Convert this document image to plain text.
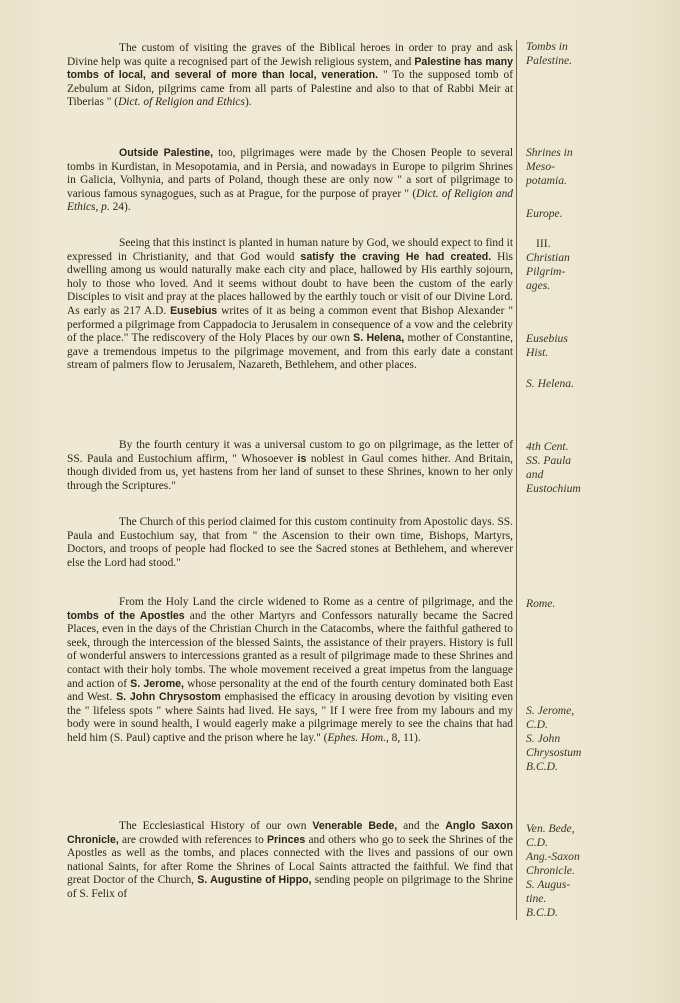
The custom of visiting the graves of the Biblical heroes in order to pray and ask Divine help was quite a recognised part of the Jewish religious system, and Palestine has many tombs of local, and several of more than local, veneration. " To the supposed tomb of Zebulum at Sidon, pilgrims came from all parts of Palestine and also to that of Rabbi Meir at Tiberias " (Dict. of Religion and Ethics).
Outside Palestine, too, pilgrimages were made by the Chosen People to several tombs in Kurdistan, in Mesopotamia, and in Persia, and nowadays in Europe to pilgrim Shrines in Galicia, Volhynia, and parts of Poland, though these are only now " a sort of pilgrimage to various famous synagogues, such as at Prague, for the purpose of prayer " (Dict. of Religion and Ethics, p. 24).
Seeing that this instinct is planted in human nature by God, we should expect to find it expressed in Christianity, and that God would satisfy the craving He had created. His dwelling among us would naturally make each city and place, hallowed by His earthly sojourn, holy to those who loved. And it seems without doubt to have been the custom of the early Disciples to visit and pray at the places hallowed by the earthly touch or visit of our Divine Lord. As early as 217 A.D. Eusebius writes of it as being a common event that Bishop Alexander " performed a pilgrimage from Cappadocia to Jerusalem in consequence of a vow and the celebrity of the place." The rediscovery of the Holy Places by our own S. Helena, mother of Constantine, gave a tremendous impetus to the pilgrimage movement, and from this early date a constant stream of palmers flow to Jerusalem, Nazareth, Bethlehem, and other places.
By the fourth century it was a universal custom to go on pilgrimage, as the letter of SS. Paula and Eustochium affirm, " Whosoever is noblest in Gaul comes hither. And Britain, though divided from us, yet hastens from her land of sunset to these Shrines, known to her only through the Scriptures."
The Church of this period claimed for this custom continuity from Apostolic days. SS. Paula and Eustochium say, that from " the Ascension to their own time, Bishops, Martyrs, Doctors, and troops of people had flocked to see the Sacred stones at Bethlehem, and wherever else the Lord had stood."
From the Holy Land the circle widened to Rome as a centre of pilgrimage, and the tombs of the Apostles and the other Martyrs and Confessors naturally became the Sacred Places, even in the days of the Christian Church in the Catacombs, where the faithful gathered to seek, through the intercession of the blessed Saints, the assistance of their prayers. History is full of wonderful answers to intercessions granted as a result of pilgrimage made to these Shrines and contact with their holy tombs. The whole movement received a great impetus from the language and action of S. Jerome, whose personality at the end of the fourth century dominated both East and West. S. John Chrysostom emphasised the efficacy in arousing devotion by visiting even the " lifeless spots " where Saints had lived. He says, " If I were free from my labours and my body were in sound health, I would eagerly make a pilgrimage merely to see the chains that had held him (S. Paul) captive and the prison where he lay." (Ephes. Hom., 8, 11).
The Ecclesiastical History of our own Venerable Bede, and the Anglo Saxon Chronicle, are crowded with references to Princes and others who go to seek the Shrines of the Apostles as well as the tombs, and places connected with the lives and passions of our own national Saints, for after Rome the Shrines of Local Saints attracted the faithful. We find that great Doctor of the Church, S. Augustine of Hippo, sending people on pilgrimage to the Shrine of S. Felix of
Tombs in
Palestine.
Shrines in
Meso-
potamia.
Europe.
III.
Christian
Pilgrim-
ages.
Eusebius
Hist.
S. Helena.
4th Cent.
SS. Paula
and
Eustochium
Rome.
S. Jerome,
C.D.
S. John
Chrysostum
B.C.D.
Ven. Bede,
C.D.
Ang.-Saxon
Chronicle.
S. Augus-
tine.
B.C.D.
